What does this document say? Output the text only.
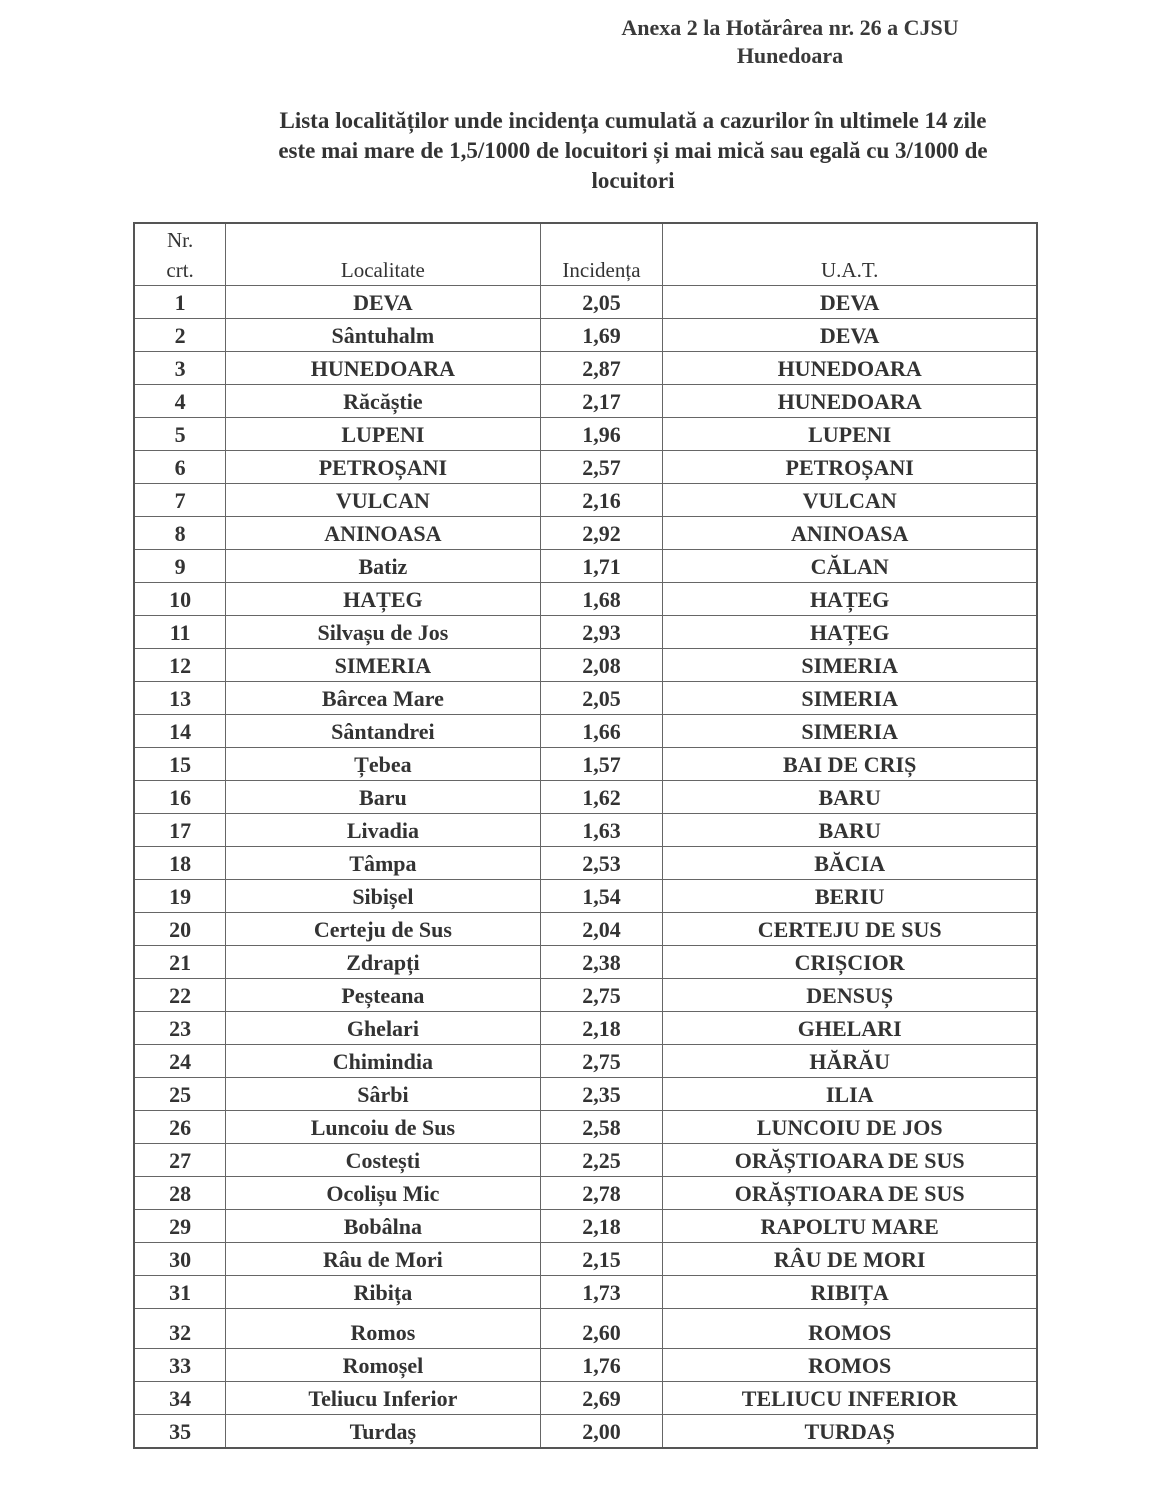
Anexa 2 la Hotărârea nr. 26 a CJSU
Hunedoara
Lista localităților unde incidența cumulată a cazurilor în ultimele 14 zile
este mai mare de 1,5/1000 de locuitori și mai mică sau egală cu 3/1000 de
locuitori
Nr.
crt.	Localitate	Incidența	U.A.T.
1	DEVA	2,05	DEVA
2	Sântuhalm	1,69	DEVA
3	HUNEDOARA	2,87	HUNEDOARA
4	Răcăștie	2,17	HUNEDOARA
5	LUPENI	1,96	LUPENI
6	PETROȘANI	2,57	PETROȘANI
7	VULCAN	2,16	VULCAN
8	ANINOASA	2,92	ANINOASA
9	Batiz	1,71	CĂLAN
10	HAȚEG	1,68	HAȚEG
11	Silvașu de Jos	2,93	HAȚEG
12	SIMERIA	2,08	SIMERIA
13	Bârcea Mare	2,05	SIMERIA
14	Sântandrei	1,66	SIMERIA
15	Țebea	1,57	BAI DE CRIȘ
16	Baru	1,62	BARU
17	Livadia	1,63	BARU
18	Tâmpa	2,53	BĂCIA
19	Sibișel	1,54	BERIU
20	Certeju de Sus	2,04	CERTEJU DE SUS
21	Zdrapți	2,38	CRIȘCIOR
22	Peșteana	2,75	DENSUȘ
23	Ghelari	2,18	GHELARI
24	Chimindia	2,75	HĂRĂU
25	Sârbi	2,35	ILIA
26	Luncoiu de Sus	2,58	LUNCOIU DE JOS
27	Costești	2,25	ORĂȘTIOARA DE SUS
28	Ocolișu Mic	2,78	ORĂȘTIOARA DE SUS
29	Bobâlna	2,18	RAPOLTU MARE
30	Râu de Mori	2,15	RÂU DE MORI
31	Ribița	1,73	RIBIȚA
32	Romos	2,60	ROMOS
33	Romoșel	1,76	ROMOS
34	Teliucu Inferior	2,69	TELIUCU INFERIOR
35	Turdaș	2,00	TURDAȘ
